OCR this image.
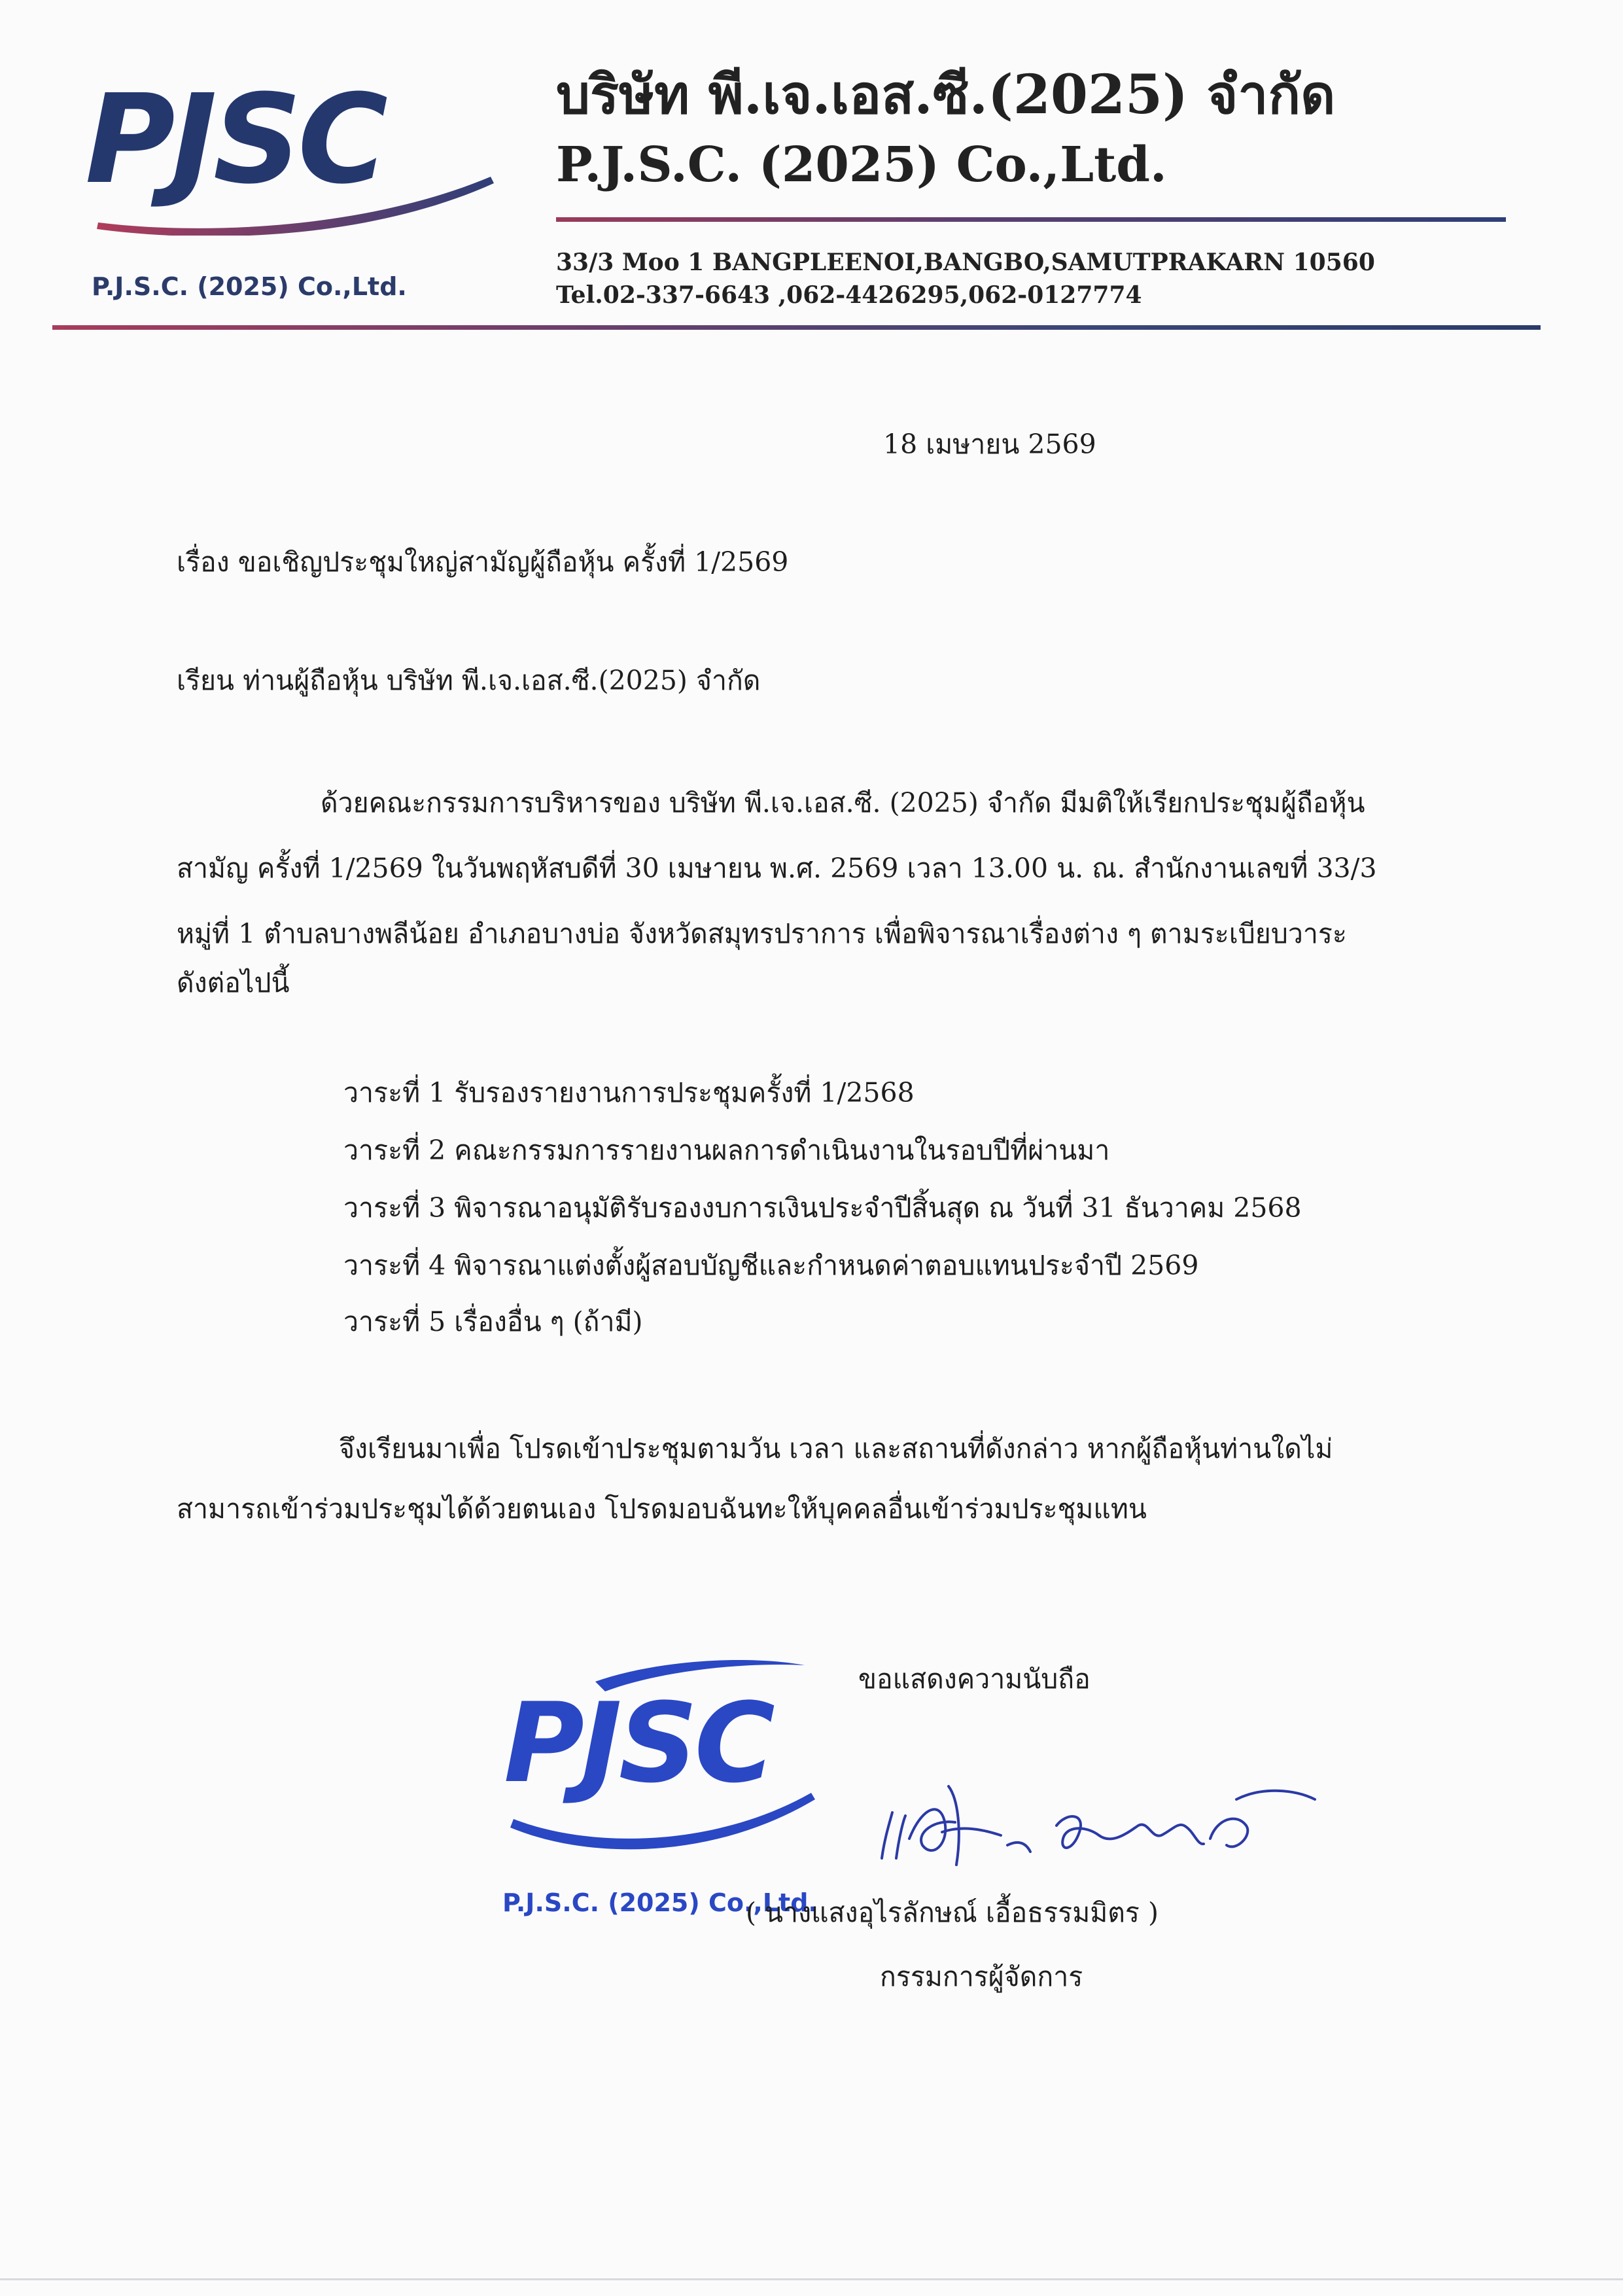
PJSC
P.J.S.C. (2025) Co.,Ltd.
บริษัท พี.เจ.เอส.ซี.(2025) จำกัด
P.J.S.C. (2025) Co.,Ltd.
33/3 Moo 1 BANGPLEENOI,BANGBO,SAMUTPRAKARN 10560
Tel.02-337-6643 ,062-4426295,062-0127774
18 เมษายน 2569
เรื่อง ขอเชิญประชุมใหญ่สามัญผู้ถือหุ้น ครั้งที่ 1/2569
เรียน ท่านผู้ถือหุ้น บริษัท พี.เจ.เอส.ซี.(2025) จำกัด
ด้วยคณะกรรมการบริหารของ บริษัท พี.เจ.เอส.ซี. (2025) จำกัด มีมติให้เรียกประชุมผู้ถือหุ้น
สามัญ ครั้งที่ 1/2569 ในวันพฤหัสบดีที่ 30 เมษายน พ.ศ. 2569 เวลา 13.00 น. ณ. สำนักงานเลขที่ 33/3
หมู่ที่ 1 ตำบลบางพลีน้อย อำเภอบางบ่อ จังหวัดสมุทรปราการ เพื่อพิจารณาเรื่องต่าง ๆ ตามระเบียบวาระ
ดังต่อไปนี้
วาระที่ 1 รับรองรายงานการประชุมครั้งที่ 1/2568
วาระที่ 2 คณะกรรมการรายงานผลการดำเนินงานในรอบปีที่ผ่านมา
วาระที่ 3 พิจารณาอนุมัติรับรองงบการเงินประจำปีสิ้นสุด ณ วันที่ 31 ธันวาคม 2568
วาระที่ 4 พิจารณาแต่งตั้งผู้สอบบัญชีและกำหนดค่าตอบแทนประจำปี 2569
วาระที่ 5 เรื่องอื่น ๆ (ถ้ามี)
จึงเรียนมาเพื่อ โปรดเข้าประชุมตามวัน เวลา และสถานที่ดังกล่าว หากผู้ถือหุ้นท่านใดไม่
สามารถเข้าร่วมประชุมได้ด้วยตนเอง โปรดมอบฉันทะให้บุคคลอื่นเข้าร่วมประชุมแทน
ขอแสดงความนับถือ
PJSC
P.J.S.C. (2025) Co.,Ltd.
( นางแสงอุไรลักษณ์ เอื้อธรรมมิตร )
กรรมการผู้จัดการ
